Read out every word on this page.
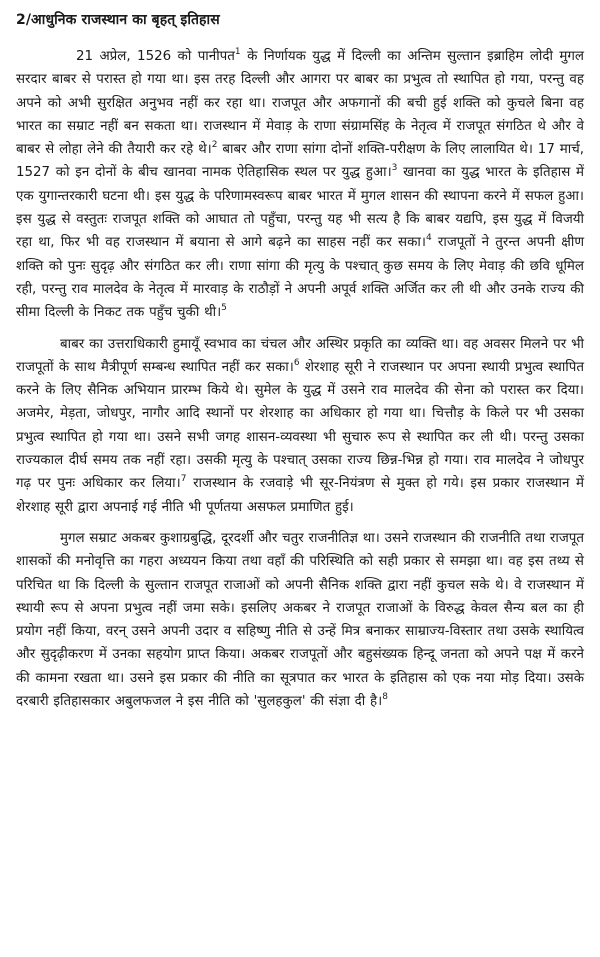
2/आधुनिक राजस्थान का बृहत् इतिहास

21 अप्रेल, 1526 को पानीपत$^1$ के निर्णायक युद्ध में दिल्ली का अन्तिम सुल्तान इब्राहिम लोदी मुगल सरदार बाबर से परास्त हो गया था। इस तरह दिल्ली और आगरा पर बाबर का प्रभुत्व तो स्थापित हो गया, परन्तु वह अपने को अभी सुरक्षित अनुभव नहीं कर रहा था। राजपूत और अफगानों की बची हुई शक्ति को कुचले बिना वह भारत का सम्राट नहीं बन सकता था। राजस्थान में मेवाड़ के राणा संग्रामसिंह के नेतृत्व में राजपूत संगठित थे और वे बाबर से लोहा लेने की तैयारी कर रहे थे।$^2$ बाबर और राणा सांगा दोनों शक्ति-परीक्षण के लिए लालायित थे। 17 मार्च, 1527 को इन दोनों के बीच खानवा नामक ऐतिहासिक स्थल पर युद्ध हुआ।$^3$ खानवा का युद्ध भारत के इतिहास में एक युगान्तरकारी घटना थी। इस युद्ध के परिणामस्वरूप बाबर भारत में मुगल शासन की स्थापना करने में सफल हुआ। इस युद्ध से वस्तुतः राजपूत शक्ति को आघात तो पहुँचा, परन्तु यह भी सत्य है कि बाबर यद्यपि, इस युद्ध में विजयी रहा था, फिर भी वह राजस्थान में बयाना से आगे बढ़ने का साहस नहीं कर सका।$^4$ राजपूतों ने तुरन्त अपनी क्षीण शक्ति को पुनः सुदृढ़ और संगठित कर ली। राणा सांगा की मृत्यु के पश्चात् कुछ समय के लिए मेवाड़ की छवि धूमिल रही, परन्तु राव मालदेव के नेतृत्व में मारवाड़ के राठौड़ों ने अपनी अपूर्व शक्ति अर्जित कर ली थी और उनके राज्य की सीमा दिल्ली के निकट तक पहुँच चुकी थी।$^5$

बाबर का उत्तराधिकारी हुमायूँ स्वभाव का चंचल और अस्थिर प्रकृति का व्यक्ति था। वह अवसर मिलने पर भी राजपूतों के साथ मैत्रीपूर्ण सम्बन्ध स्थापित नहीं कर सका।$^6$ शेरशाह सूरी ने राजस्थान पर अपना स्थायी प्रभुत्व स्थापित करने के लिए सैनिक अभियान प्रारम्भ किये थे। सुमेल के युद्ध में उसने राव मालदेव की सेना को परास्त कर दिया। अजमेर, मेड़ता, जोधपुर, नागौर आदि स्थानों पर शेरशाह का अधिकार हो गया था। चित्तौड़ के किले पर भी उसका प्रभुत्व स्थापित हो गया था। उसने सभी जगह शासन-व्यवस्था भी सुचारु रूप से स्थापित कर ली थी। परन्तु उसका राज्यकाल दीर्घ समय तक नहीं रहा। उसकी मृत्यु के पश्चात् उसका राज्य छिन्न-भिन्न हो गया। राव मालदेव ने जोधपुर गढ़ पर पुनः अधिकार कर लिया।$^7$ राजस्थान के रजवाड़े भी सूर-नियंत्रण से मुक्त हो गये। इस प्रकार राजस्थान में शेरशाह सूरी द्वारा अपनाई गई नीति भी पूर्णतया असफल प्रमाणित हुई।

मुगल सम्राट अकबर कुशाग्रबुद्धि, दूरदर्शी और चतुर राजनीतिज्ञ था। उसने राजस्थान की राजनीति तथा राजपूत शासकों की मनोवृत्ति का गहरा अध्ययन किया तथा वहाँ की परिस्थिति को सही प्रकार से समझा था। वह इस तथ्य से परिचित था कि दिल्ली के सुल्तान राजपूत राजाओं को अपनी सैनिक शक्ति द्वारा नहीं कुचल सके थे। वे राजस्थान में स्थायी रूप से अपना प्रभुत्व नहीं जमा सके। इसलिए अकबर ने राजपूत राजाओं के विरुद्ध केवल सैन्य बल का ही प्रयोग नहीं किया, वरन् उसने अपनी उदार व सहिष्णु नीति से उन्हें मित्र बनाकर साम्राज्य-विस्तार तथा उसके स्थायित्व और सुदृढ़ीकरण में उनका सहयोग प्राप्त किया। अकबर राजपूतों और बहुसंख्यक हिन्दू जनता को अपने पक्ष में करने की कामना रखता था। उसने इस प्रकार की नीति का सूत्रपात कर भारत के इतिहास को एक नया मोड़ दिया। उसके दरबारी इतिहासकार अबुलफजल ने इस नीति को 'सुलहकुल' की संज्ञा दी है।$^8$
